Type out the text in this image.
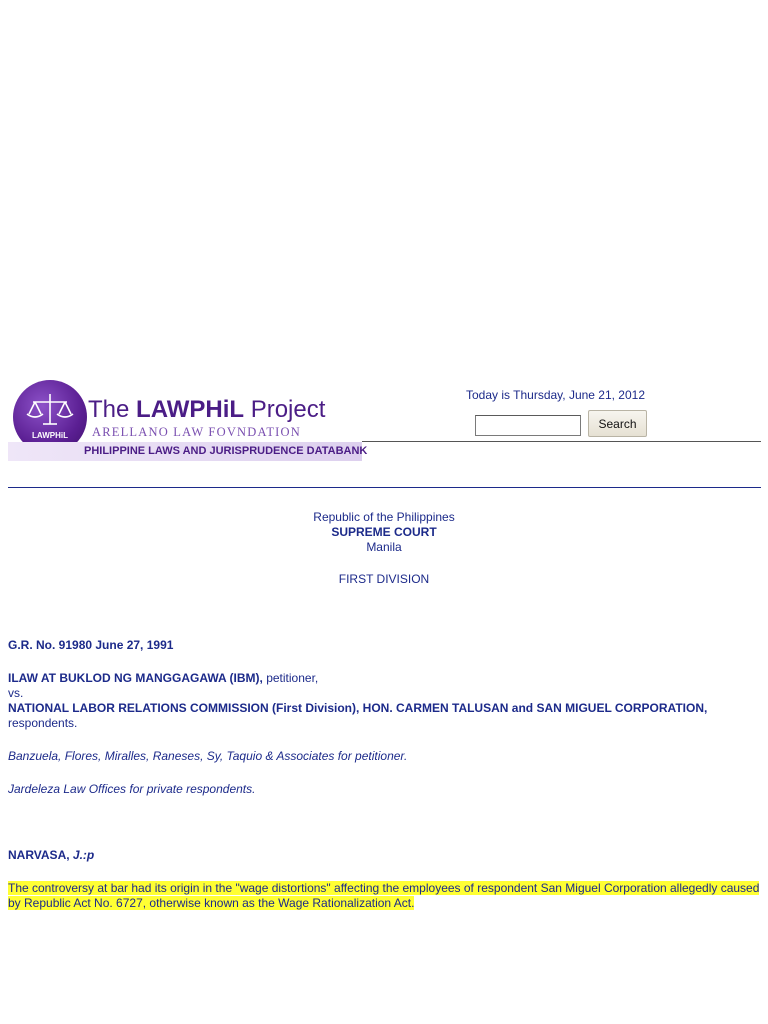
LAWPHiL
The LAWPHiL Project
ARELLANO LAW FOVNDATION
PHILIPPINE LAWS AND JURISPRUDENCE DATABANK
Today is Thursday, June 21, 2012
Search
Republic of the Philippines
SUPREME COURT
Manila
FIRST DIVISION
G.R. No. 91980 June 27, 1991
ILAW AT BUKLOD NG MANGGAGAWA (IBM), petitioner,
vs.
NATIONAL LABOR RELATIONS COMMISSION (First Division), HON. CARMEN TALUSAN and SAN MIGUEL CORPORATION, respondents.
Banzuela, Flores, Miralles, Raneses, Sy, Taquio & Associates for petitioner.
Jardeleza Law Offices for private respondents.
NARVASA, J.:p
The controversy at bar had its origin in the "wage distortions" affecting the employees of respondent San Miguel Corporation allegedly caused by Republic Act No. 6727, otherwise known as the Wage Rationalization Act.
